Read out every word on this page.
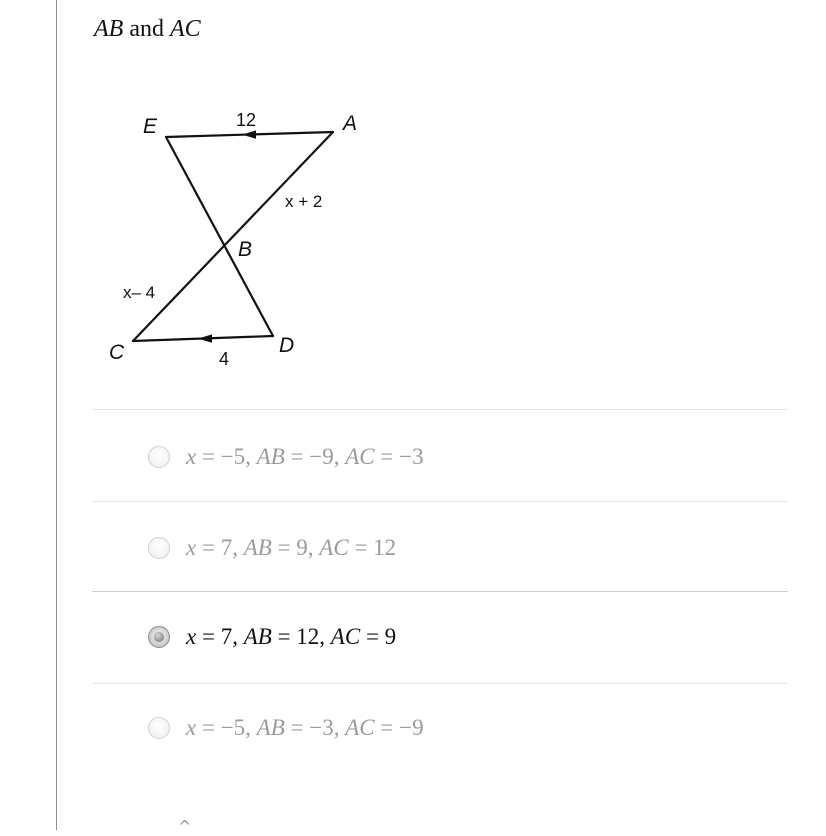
AB and AC
E	A
B
C	D
12
x + 2
x– 4
4
x = −5, AB = −9, AC = −3
x = 7, AB = 9, AC = 12
x = 7, AB = 12, AC = 9
x = −5, AB = −3, AC = −9
^
